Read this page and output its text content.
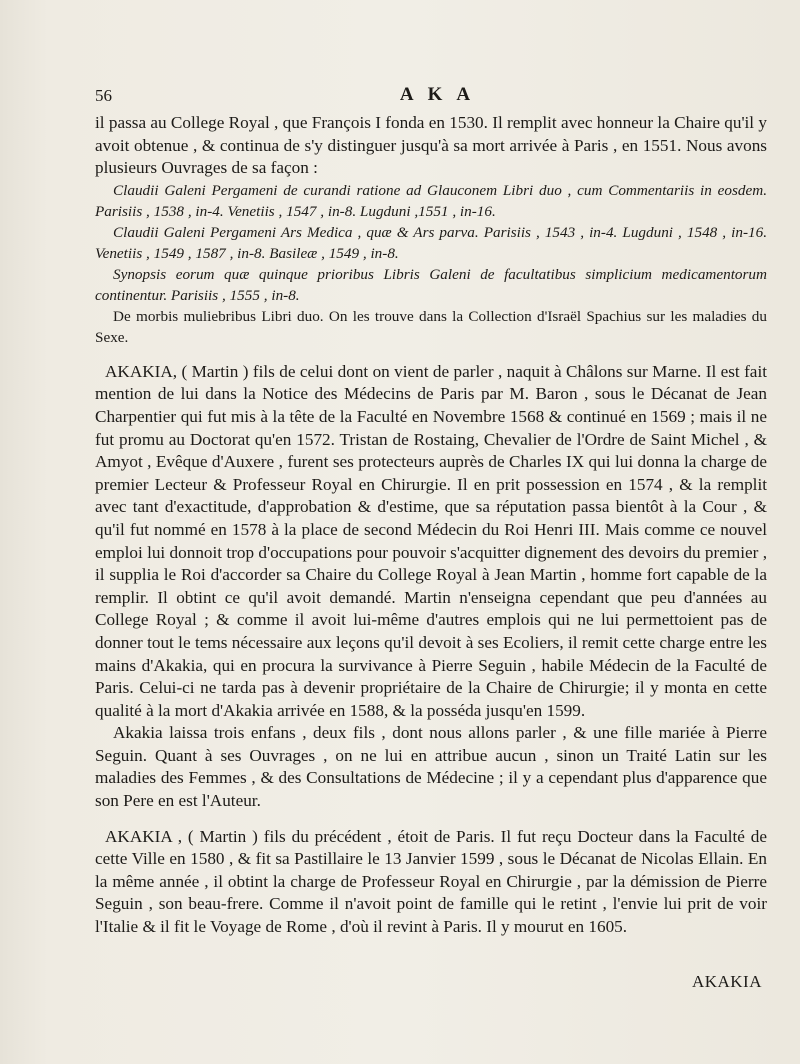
56	AKA

il passa au College Royal , que François I fonda en 1530. Il remplit avec honneur la Chaire qu'il y avoit obtenue , & continua de s'y distinguer jusqu'à sa mort arrivée à Paris , en 1551. Nous avons plusieurs Ouvrages de sa façon :

Claudii Galeni Pergameni de curandi ratione ad Glauconem Libri duo , cum Commentariis in eosdem. Parisiis , 1538 , in-4. Venetiis , 1547 , in-8. Lugduni ,1551 , in-16.

Claudii Galeni Pergameni Ars Medica , quæ & Ars parva. Parisiis , 1543 , in-4. Lugduni , 1548 , in-16. Venetiis , 1549 , 1587 , in-8. Basileæ , 1549 , in-8.

Synopsis eorum quæ quinque prioribus Libris Galeni de facultatibus simplicium medicamentorum continentur. Parisiis , 1555 , in-8.

De morbis muliebribus Libri duo. On les trouve dans la Collection d'Israël Spachius sur les maladies du Sexe.

AKAKIA, ( Martin ) fils de celui dont on vient de parler , naquit à Châlons sur Marne. Il est fait mention de lui dans la Notice des Médecins de Paris par M. Baron , sous le Décanat de Jean Charpentier qui fut mis à la tête de la Faculté en Novembre 1568 & continué en 1569 ; mais il ne fut promu au Doctorat qu'en 1572. Tristan de Rostaing, Chevalier de l'Ordre de Saint Michel , & Amyot , Evêque d'Auxere , furent ses protecteurs auprès de Charles IX qui lui donna la charge de premier Lecteur & Professeur Royal en Chirurgie. Il en prit possession en 1574 , & la remplit avec tant d'exactitude, d'approbation & d'estime, que sa réputation passa bientôt à la Cour , & qu'il fut nommé en 1578 à la place de second Médecin du Roi Henri III. Mais comme ce nouvel emploi lui donnoit trop d'occupations pour pouvoir s'acquitter dignement des devoirs du premier , il supplia le Roi d'accorder sa Chaire du College Royal à Jean Martin , homme fort capable de la remplir. Il obtint ce qu'il avoit demandé. Martin n'enseigna cependant que peu d'années au College Royal ; & comme il avoit lui-même d'autres emplois qui ne lui permettoient pas de donner tout le tems nécessaire aux leçons qu'il devoit à ses Ecoliers, il remit cette charge entre les mains d'Akakia, qui en procura la survivance à Pierre Seguin , habile Médecin de la Faculté de Paris. Celui-ci ne tarda pas à devenir propriétaire de la Chaire de Chirurgie; il y monta en cette qualité à la mort d'Akakia arrivée en 1588, & la posséda jusqu'en 1599.

Akakia laissa trois enfans , deux fils , dont nous allons parler , & une fille mariée à Pierre Seguin. Quant à ses Ouvrages , on ne lui en attribue aucun , sinon un Traité Latin sur les maladies des Femmes , & des Consultations de Médecine ; il y a cependant plus d'apparence que son Pere en est l'Auteur.

AKAKIA , ( Martin ) fils du précédent , étoit de Paris. Il fut reçu Docteur dans la Faculté de cette Ville en 1580 , & fit sa Pastillaire le 13 Janvier 1599 , sous le Décanat de Nicolas Ellain. En la même année , il obtint la charge de Professeur Royal en Chirurgie , par la démission de Pierre Seguin , son beau-frere. Comme il n'avoit point de famille qui le retint , l'envie lui prit de voir l'Italie & il fit le Voyage de Rome , d'où il revint à Paris. Il y mourut en 1605.

AKAKIA
